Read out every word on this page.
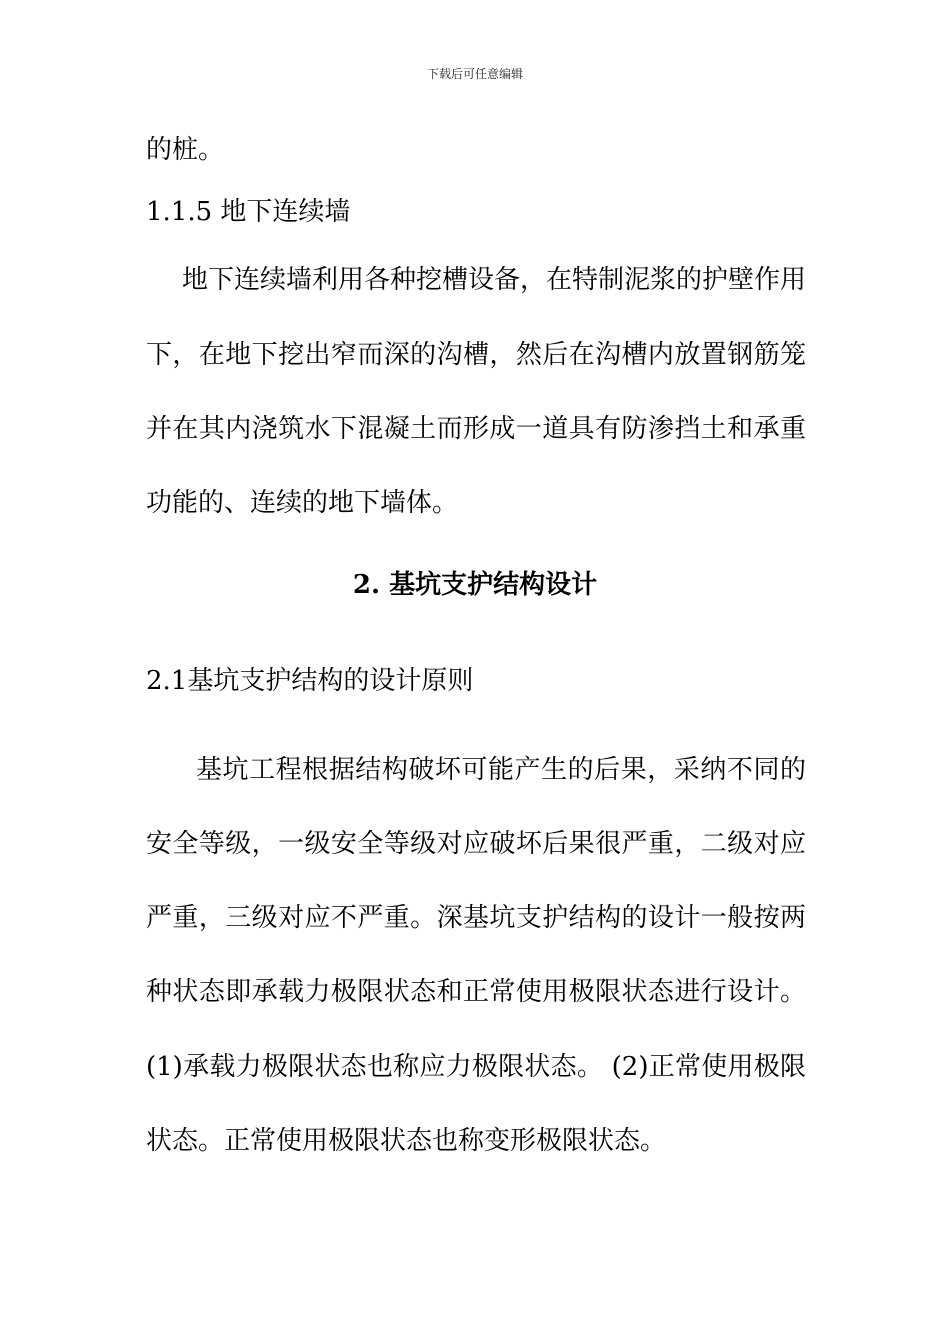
下载后可任意编辑
的桩。
1.1.5 地下连续墙
地下连续墙利用各种挖槽设备，在特制泥浆的护壁作用
下，在地下挖出窄而深的沟槽，然后在沟槽内放置钢筋笼
并在其内浇筑水下混凝土而形成一道具有防渗挡土和承重
功能的、连续的地下墙体。
2. 基坑支护结构设计
2.1基坑支护结构的设计原则
基坑工程根据结构破坏可能产生的后果，采纳不同的
安全等级，一级安全等级对应破坏后果很严重，二级对应
严重，三级对应不严重。深基坑支护结构的设计一般按两
种状态即承载力极限状态和正常使用极限状态进行设计。
(1)承载力极限状态也称应力极限状态。 (2)正常使用极限
状态。正常使用极限状态也称变形极限状态。
